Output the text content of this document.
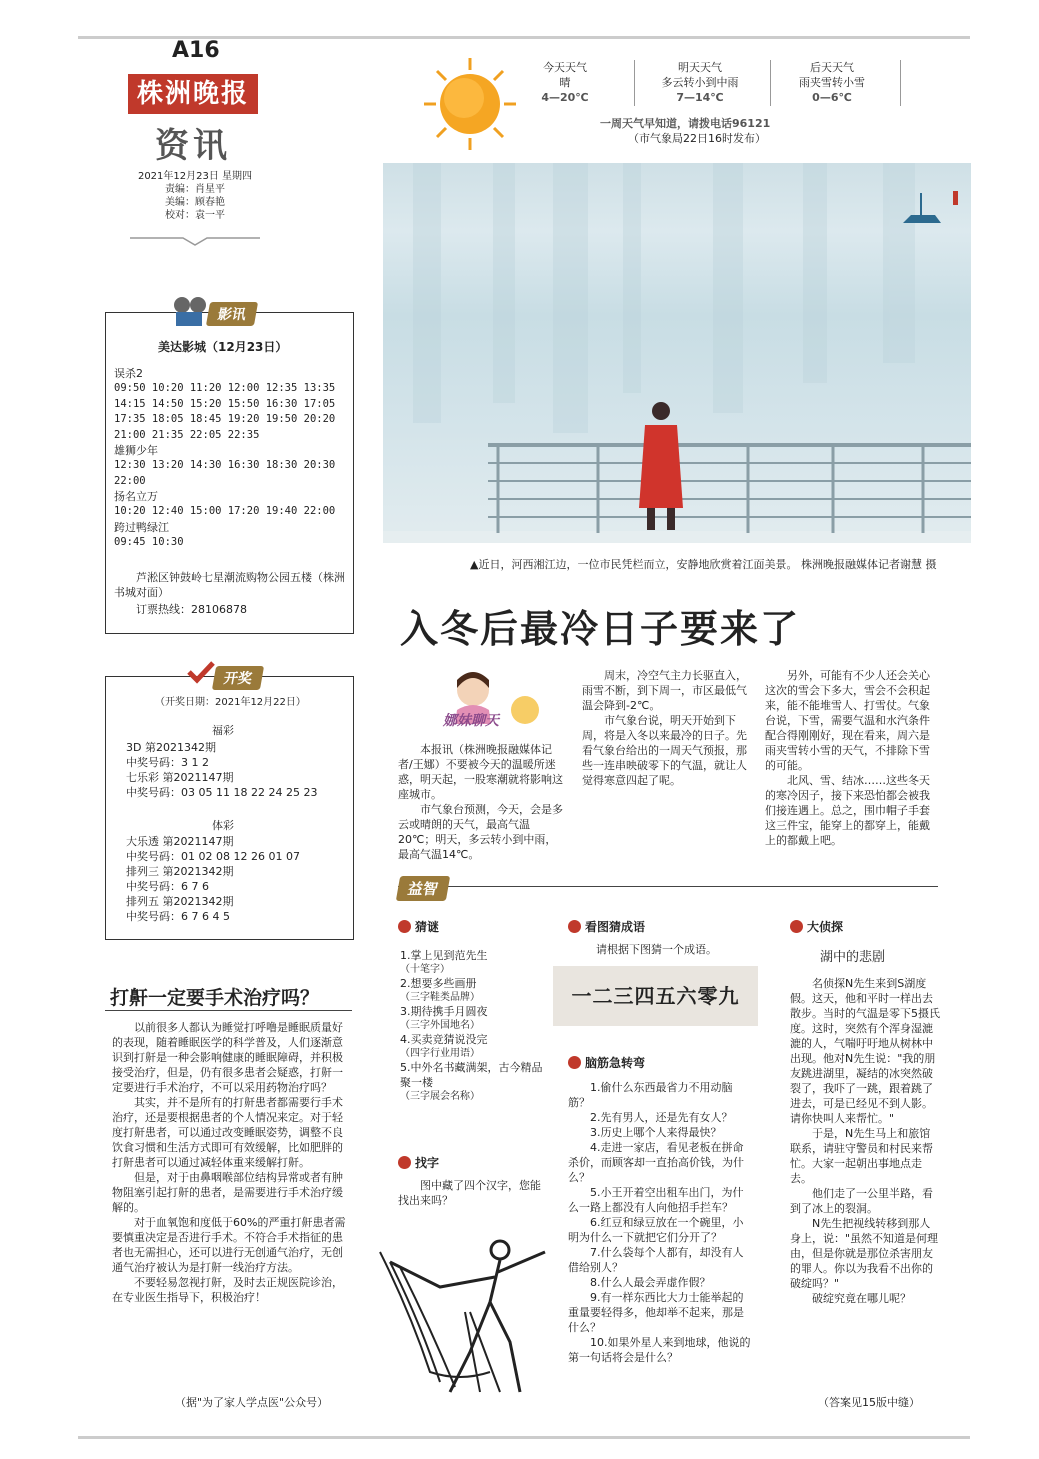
A16
株洲晚报
资讯
2021年12月23日 星期四
责编：肖星平
美编：顾春艳
校对：袁一平
今天天气
晴
4—20℃
明天天气
多云转小到中雨
7—14℃
后天天气
雨夹雪转小雪
0—6℃
一周天气早知道，请拨电话96121
（市气象局22日16时发布）
▲近日，河西湘江边，一位市民凭栏而立，安静地欣赏着江面美景。 株洲晚报融媒体记者谢慧 摄
入冬后最冷日子要来了
娜妹聊天

本报讯（株洲晚报融媒体记者/王娜）不要被今天的温暖所迷惑，明天起，一股寒潮就将影响这座城市。

市气象台预测，今天，会是多云或晴朗的天气，最高气温20℃；明天，多云转小到中雨，最高气温14℃。

周末，冷空气主力长驱直入，雨雪不断，到下周一，市区最低气温会降到-2℃。

市气象台说，明天开始到下周，将是入冬以来最冷的日子。先看气象台给出的一周天气预报，那些一连串映破零下的气温，就让人觉得寒意四起了呢。

另外，可能有不少人还会关心这次的雪会下多大，雪会不会积起来，能不能堆雪人、打雪仗。气象台说，下雪，需要气温和水汽条件配合得刚刚好，现在看来，周六是雨夹雪转小雪的天气，不排除下雪的可能。

北风、雪、结冰……这些冬天的寒冷因子，接下来恐怕都会被我们接连遇上。总之，围巾帽子手套这三件宝，能穿上的都穿上，能戴上的都戴上吧。

影讯
美达影城（12月23日）
误杀2
09:50 10:20 11:20 12:00 12:35 13:35
14:15 14:50 15:20 15:50 16:30 17:05
17:35 18:05 18:45 19:20 19:50 20:20
21:00 21:35 22:05 22:35
雄狮少年
12:30 13:20 14:30 16:30 18:30 20:30
22:00
扬名立万
10:20 12:40 15:00 17:20 19:40 22:00
跨过鸭绿江
09:45 10:30
芦淞区钟鼓岭七星潮流购物公园五楼（株洲书城对面）
订票热线：28106878
开奖
（开奖日期：2021年12月22日）
福彩
3D 第2021342期
中奖号码：3 1 2
七乐彩 第2021147期
中奖号码：03 05 11 18 22 24 25 23
体彩
大乐透 第2021147期
中奖号码：01 02 08 12 26 01 07
排列三 第2021342期
中奖号码：6 7 6
排列五 第2021342期
中奖号码：6 7 6 4 5
打鼾一定要手术治疗吗？

以前很多人都认为睡觉打呼噜是睡眠质量好的表现，随着睡眠医学的科学普及，人们逐渐意识到打鼾是一种会影响健康的睡眠障碍，并积极接受治疗，但是，仍有很多患者会疑惑，打鼾一定要进行手术治疗，不可以采用药物治疗吗？

其实，并不是所有的打鼾患者都需要行手术治疗，还是要根据患者的个人情况来定。对于轻度打鼾患者，可以通过改变睡眠姿势，调整不良饮食习惯和生活方式即可有效缓解，比如肥胖的打鼾患者可以通过减轻体重来缓解打鼾。

但是，对于由鼻咽喉部位结构异常或者有肿物阻塞引起打鼾的患者，是需要进行手术治疗缓解的。

对于血氧饱和度低于60%的严重打鼾患者需要慎重决定是否进行手术。不符合手术指征的患者也无需担心，还可以进行无创通气治疗，无创通气治疗被认为是打鼾一线治疗方法。

不要轻易忽视打鼾，及时去正规医院诊治，在专业医生指导下，积极治疗！

（据"为了家人学点医"公众号）
益智
猜谜
1.掌上见到范先生
（十笔字）
2.想要多些画册
（三字鞋类品牌）
3.期待携手月圆夜
（三字外国地名）
4.买卖竞猜说没完
（四字行业用语）
5.中外名书藏满架，古今精品聚一楼
（三字展会名称）
找字
图中藏了四个汉字，您能找出来吗？
看图猜成语
请根据下图猜一个成语。
一二三四五六零九
脑筋急转弯

1.偷什么东西最省力不用动脑筋？

2.先有男人，还是先有女人？

3.历史上哪个人来得最快？

4.走进一家店，看见老板在拼命杀价，而顾客却一直抬高价钱，为什么？

5.小王开着空出租车出门，为什么一路上都没有人向他招手拦车？

6.红豆和绿豆放在一个碗里，小明为什么一下就把它们分开了？

7.什么袋每个人都有，却没有人借给别人？

8.什么人最会弄虚作假？

9.有一样东西比大力士能举起的重量要轻得多，他却举不起来，那是什么？

10.如果外星人来到地球，他说的第一句话将会是什么？

大侦探
湖中的悲剧

名侦探N先生来到S湖度假。这天，他和平时一样出去散步。当时的气温是零下5摄氏度。这时，突然有个浑身湿漉漉的人，气喘吁吁地从树林中出现。他对N先生说："我的朋友跳进湖里，凝结的冰突然破裂了，我吓了一跳，跟着跳了进去，可是已经见不到人影。请你快叫人来帮忙。"

于是，N先生马上和旅馆联系，请驻守警员和村民来帮忙。大家一起朝出事地点走去。

他们走了一公里半路，看到了冰上的裂洞。

N先生把视线转移到那人身上，说："虽然不知道是何理由，但是你就是那位杀害朋友的罪人。你以为我看不出你的破绽吗？"

破绽究竟在哪儿呢？

（答案见15版中缝）
